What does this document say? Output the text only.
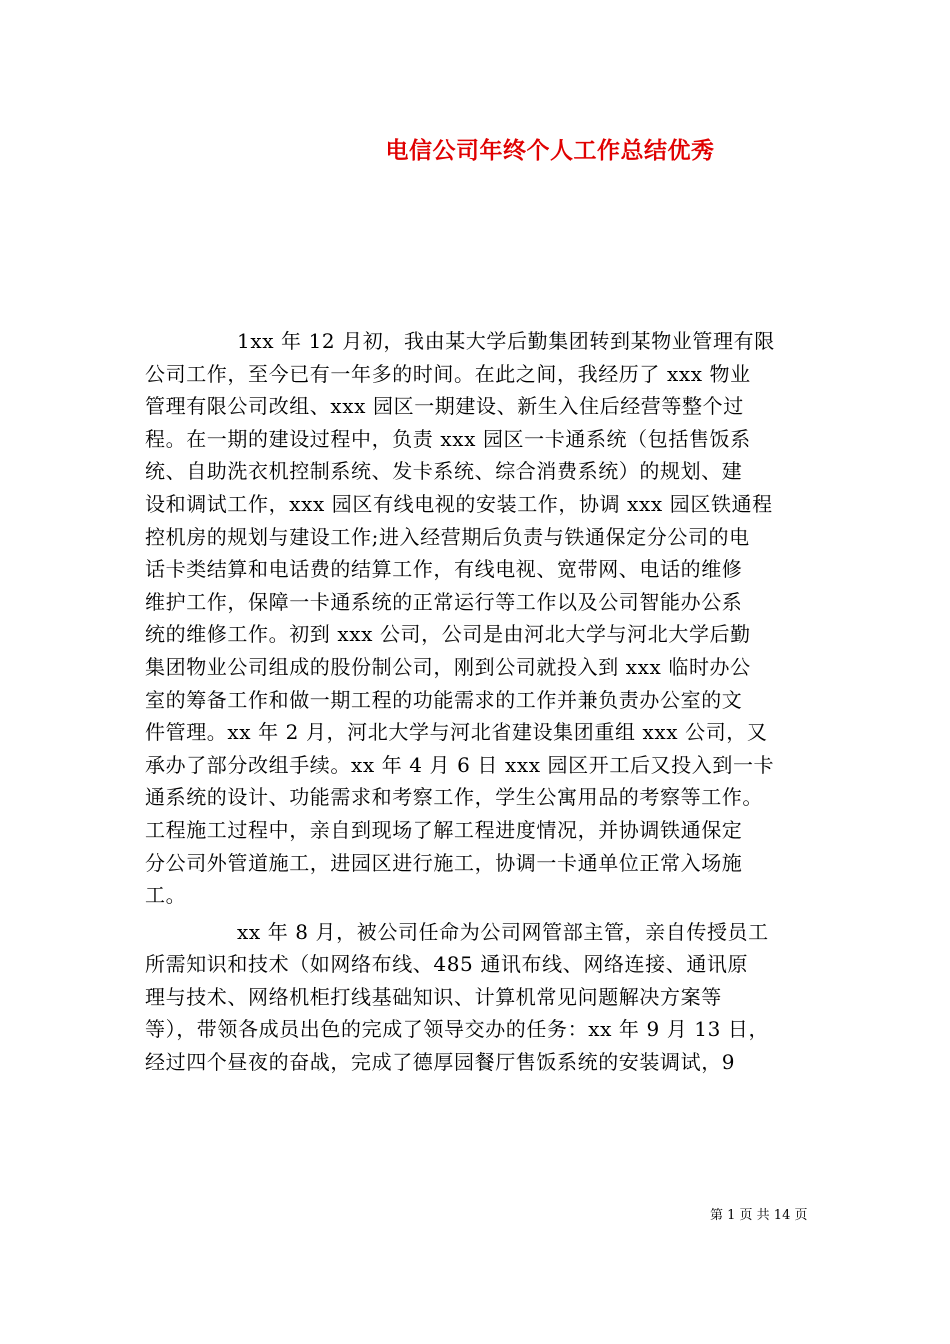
电信公司年终个人工作总结优秀
1xx 年 12 月初，我由某大学后勤集团转到某物业管理有限
公司工作，至今已有一年多的时间。在此之间，我经历了 xxx 物业
管理有限公司改组、xxx 园区一期建设、新生入住后经营等整个过
程。在一期的建设过程中，负责 xxx 园区一卡通系统（包括售饭系
统、自助洗衣机控制系统、发卡系统、综合消费系统）的规划、建
设和调试工作，xxx 园区有线电视的安装工作，协调 xxx 园区铁通程
控机房的规划与建设工作;进入经营期后负责与铁通保定分公司的电
话卡类结算和电话费的结算工作，有线电视、宽带网、电话的维修
维护工作，保障一卡通系统的正常运行等工作以及公司智能办公系
统的维修工作。初到 xxx 公司，公司是由河北大学与河北大学后勤
集团物业公司组成的股份制公司，刚到公司就投入到 xxx 临时办公
室的筹备工作和做一期工程的功能需求的工作并兼负责办公室的文
件管理。xx 年 2 月，河北大学与河北省建设集团重组 xxx 公司，又
承办了部分改组手续。xx 年 4 月 6 日 xxx 园区开工后又投入到一卡
通系统的设计、功能需求和考察工作，学生公寓用品的考察等工作。
工程施工过程中，亲自到现场了解工程进度情况，并协调铁通保定
分公司外管道施工，进园区进行施工，协调一卡通单位正常入场施
工。
xx 年 8 月，被公司任命为公司网管部主管，亲自传授员工
所需知识和技术（如网络布线、485 通讯布线、网络连接、通讯原
理与技术、网络机柜打线基础知识、计算机常见问题解决方案等
等），带领各成员出色的完成了领导交办的任务：xx 年 9 月 13 日，
经过四个昼夜的奋战，完成了德厚园餐厅售饭系统的安装调试，9
第 1 页 共 14 页
